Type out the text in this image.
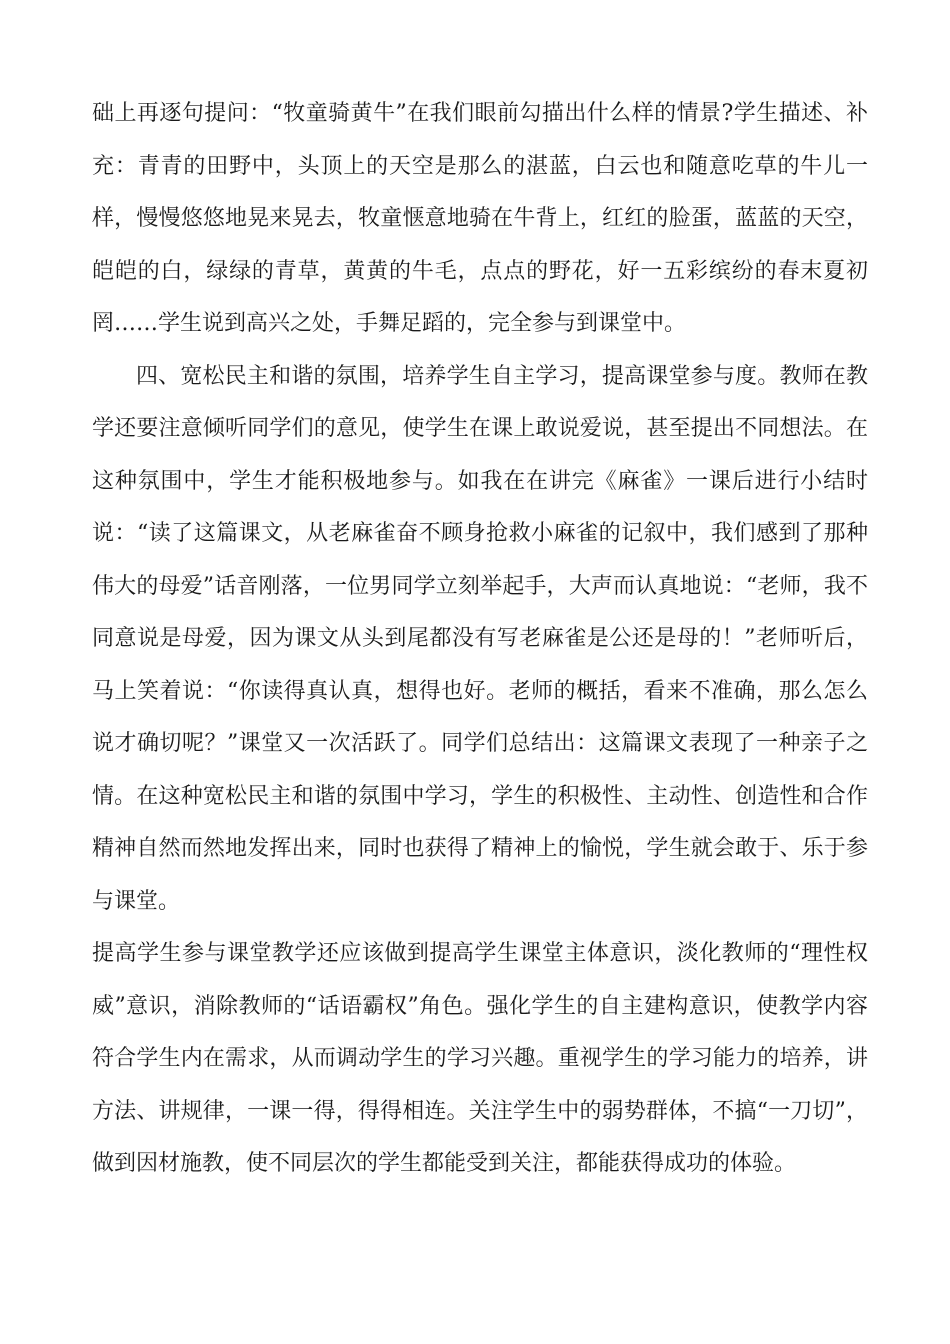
础上再逐句提问：“牧童骑黄牛”在我们眼前勾描出什么样的情景?学生描述、补充：青青的田野中，头顶上的天空是那么的湛蓝，白云也和随意吃草的牛儿一样，慢慢悠悠地晃来晃去，牧童惬意地骑在牛背上，红红的脸蛋，蓝蓝的天空，皑皑的白，绿绿的青草，黄黄的牛毛，点点的野花，好一五彩缤纷的春末夏初罔……学生说到高兴之处，手舞足蹈的，完全参与到课堂中。

四、宽松民主和谐的氛围，培养学生自主学习，提高课堂参与度。教师在教学还要注意倾听同学们的意见，使学生在课上敢说爱说，甚至提出不同想法。在这种氛围中，学生才能积极地参与。如我在在讲完《麻雀》一课后进行小结时说：“读了这篇课文，从老麻雀奋不顾身抢救小麻雀的记叙中，我们感到了那种伟大的母爱”话音刚落，一位男同学立刻举起手，大声而认真地说：“老师，我不同意说是母爱，因为课文从头到尾都没有写老麻雀是公还是母的！”老师听后，马上笑着说：“你读得真认真，想得也好。老师的概括，看来不准确，那么怎么说才确切呢？”课堂又一次活跃了。同学们总结出：这篇课文表现了一种亲子之情。在这种宽松民主和谐的氛围中学习，学生的积极性、主动性、创造性和合作精神自然而然地发挥出来，同时也获得了精神上的愉悦，学生就会敢于、乐于参与课堂。

提高学生参与课堂教学还应该做到提高学生课堂主体意识，淡化教师的“理性权威”意识，消除教师的“话语霸权”角色。强化学生的自主建构意识，使教学内容符合学生内在需求，从而调动学生的学习兴趣。重视学生的学习能力的培养，讲方法、讲规律，一课一得，得得相连。关注学生中的弱势群体，不搞“一刀切”，做到因材施教，使不同层次的学生都能受到关注，都能获得成功的体验。
